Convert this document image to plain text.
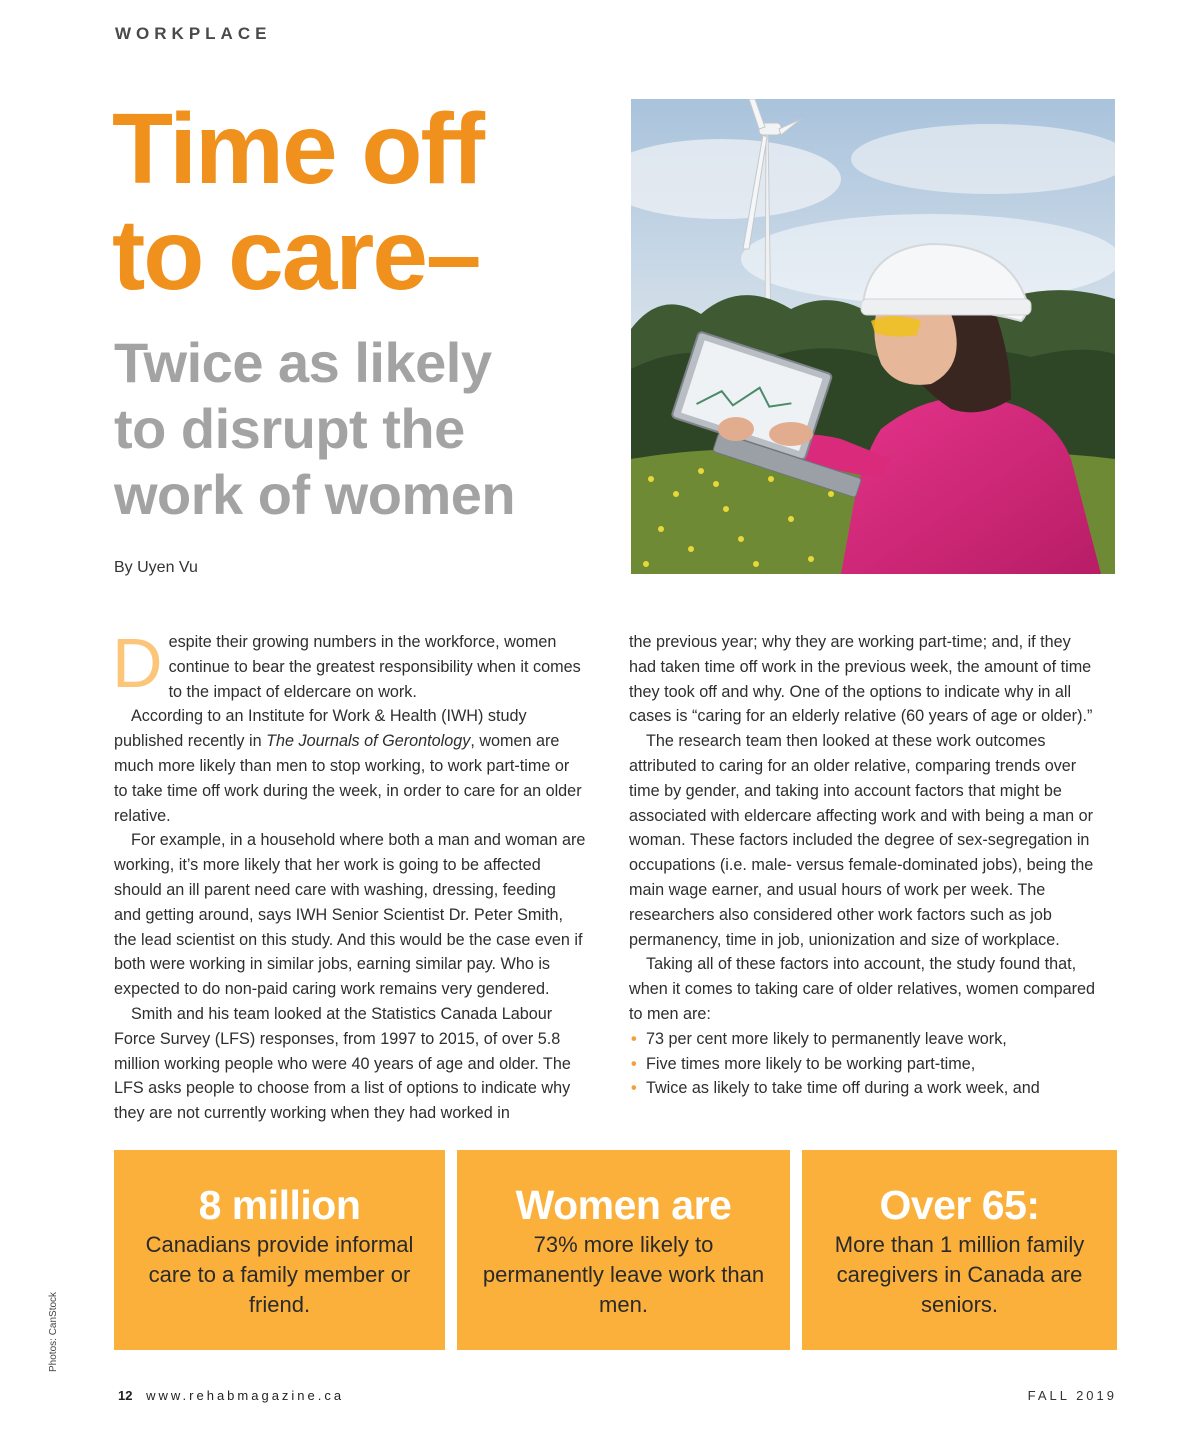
WORKPLACE
Time off
to care–
Twice as likely
to disrupt the
work of women
By Uyen Vu

Despite their growing numbers in the workforce, women continue to bear the greatest responsibility when it comes to the impact of eldercare on work.

According to an Institute for Work & Health (IWH) study published recently in The Journals of Gerontology, women are much more likely than men to stop working, to work part-time or to take time off work during the week, in order to care for an older relative.

For example, in a household where both a man and woman are working, it’s more likely that her work is going to be affected should an ill parent need care with washing, dressing, feeding and getting around, says IWH Senior Scientist Dr. Peter Smith, the lead scientist on this study. And this would be the case even if both were working in similar jobs, earning similar pay. Who is expected to do non-paid caring work remains very gendered.

Smith and his team looked at the Statistics Canada Labour Force Survey (LFS) responses, from 1997 to 2015, of over 5.8 million working people who were 40 years of age and older. The LFS asks people to choose from a list of options to indicate why they are not currently working when they had worked in

the previous year; why they are working part-time; and, if they had taken time off work in the previous week, the amount of time they took off and why. One of the options to indicate why in all cases is “caring for an elderly relative (60 years of age or older).”

The research team then looked at these work outcomes attributed to caring for an older relative, comparing trends over time by gender, and taking into account factors that might be associated with eldercare affecting work and with being a man or woman. These factors included the degree of sex-segregation in occupations (i.e. male- versus female-dominated jobs), being the main wage earner, and usual hours of work per week. The researchers also considered other work factors such as job permanency, time in job, unionization and size of workplace.

Taking all of these factors into account, the study found that, when it comes to taking care of older relatives, women compared to men are:

• 73 per cent more likely to permanently leave work,
• Five times more likely to be working part-time,
• Twice as likely to take time off during a work week, and
8 million
Canadians provide informal care to a family member or friend.
Women are
73% more likely to permanently leave work than men.
Over 65:
More than 1 million family caregivers in Canada are seniors.
Photos: CanStock
12 www.rehabmagazine.ca	FALL 2019
